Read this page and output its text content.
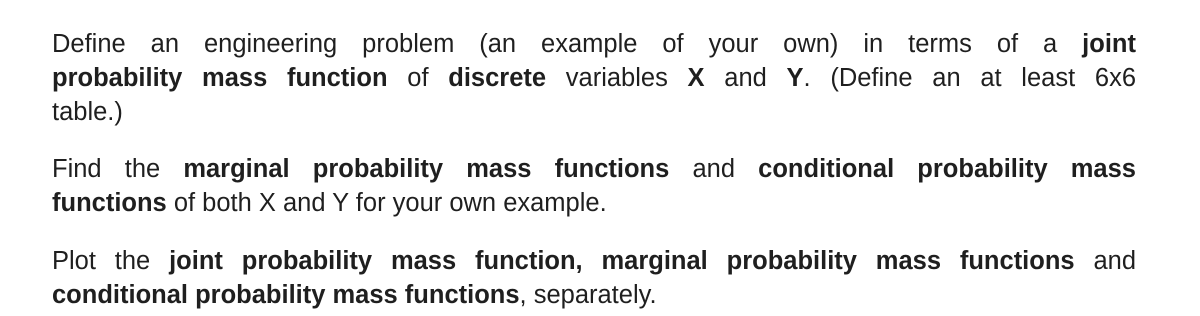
Define an engineering problem (an example of your own) in terms of a joint
probability mass function of discrete variables X and Y. (Define an at least 6x6
table.)

Find the marginal probability mass functions and conditional probability mass
functions of both X and Y for your own example.

Plot the joint probability mass function, marginal probability mass functions and
conditional probability mass functions, separately.
